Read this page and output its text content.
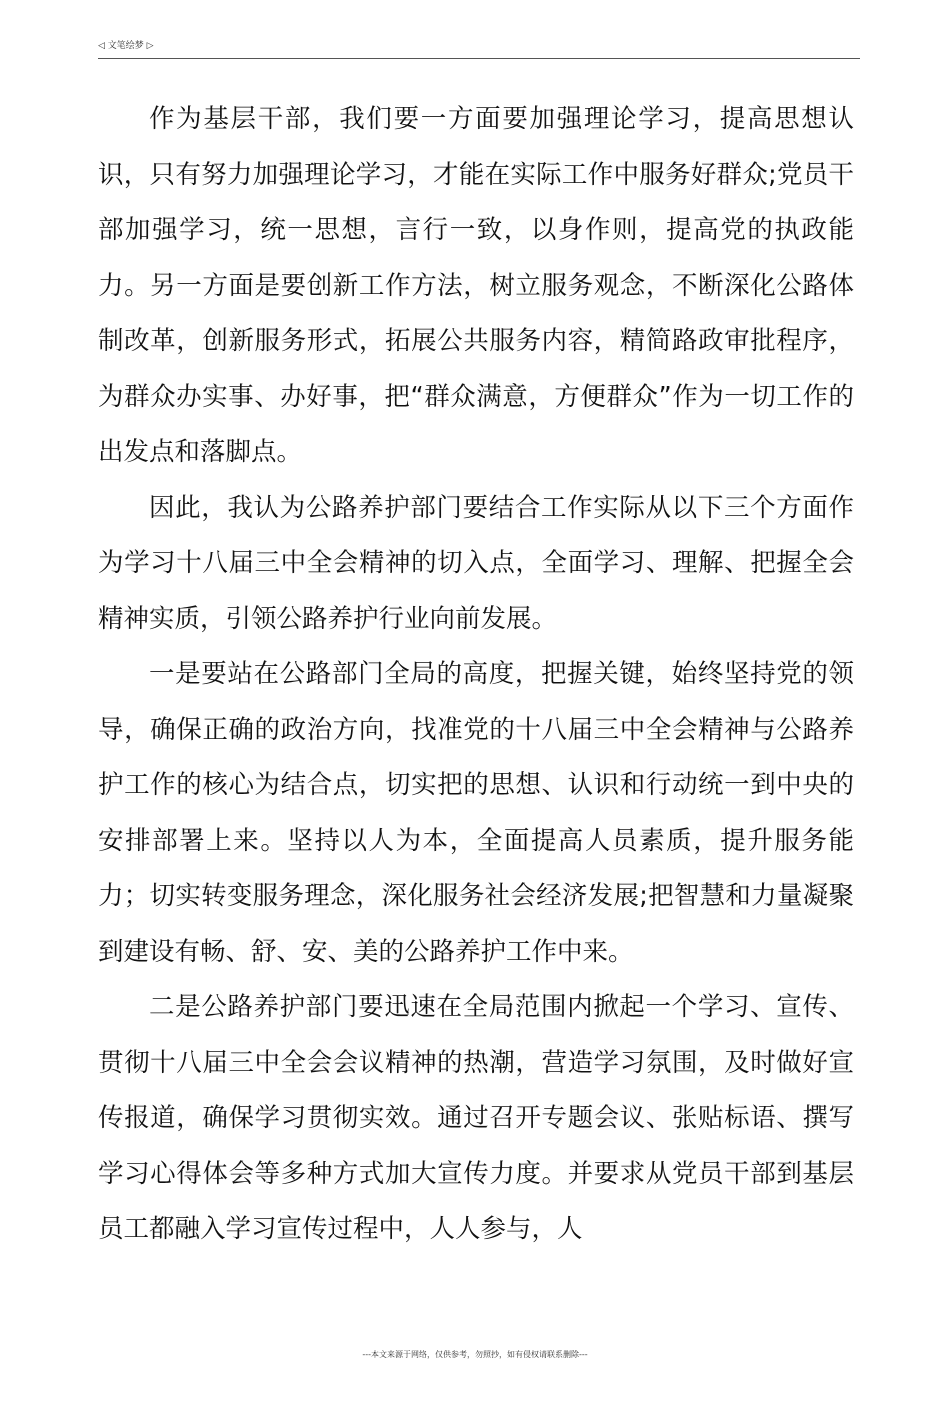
◁ 文笔绘梦 ▷

作为基层干部，我们要一方面要加强理论学习，提高思想认识，只有努力加强理论学习，才能在实际工作中服务好群众;党员干部加强学习，统一思想，言行一致，以身作则，提高党的执政能力。另一方面是要创新工作方法，树立服务观念，不断深化公路体制改革，创新服务形式，拓展公共服务内容，精简路政审批程序，为群众办实事、办好事，把“群众满意，方便群众”作为一切工作的出发点和落脚点。

因此，我认为公路养护部门要结合工作实际从以下三个方面作为学习十八届三中全会精神的切入点，全面学习、理解、把握全会精神实质，引领公路养护行业向前发展。

一是要站在公路部门全局的高度，把握关键，始终坚持党的领导，确保正确的政治方向，找准党的十八届三中全会精神与公路养护工作的核心为结合点，切实把的思想、认识和行动统一到中央的安排部署上来。坚持以人为本，全面提高人员素质，提升服务能力；切实转变服务理念，深化服务社会经济发展;把智慧和力量凝聚到建设有畅、舒、安、美的公路养护工作中来。

二是公路养护部门要迅速在全局范围内掀起一个学习、宣传、贯彻十八届三中全会会议精神的热潮，营造学习氛围，及时做好宣传报道，确保学习贯彻实效。通过召开专题会议、张贴标语、撰写学习心得体会等多种方式加大宣传力度。并要求从党员干部到基层员工都融入学习宣传过程中，人人参与，人

---本文来源于网络，仅供参考，勿照抄，如有侵权请联系删除---
